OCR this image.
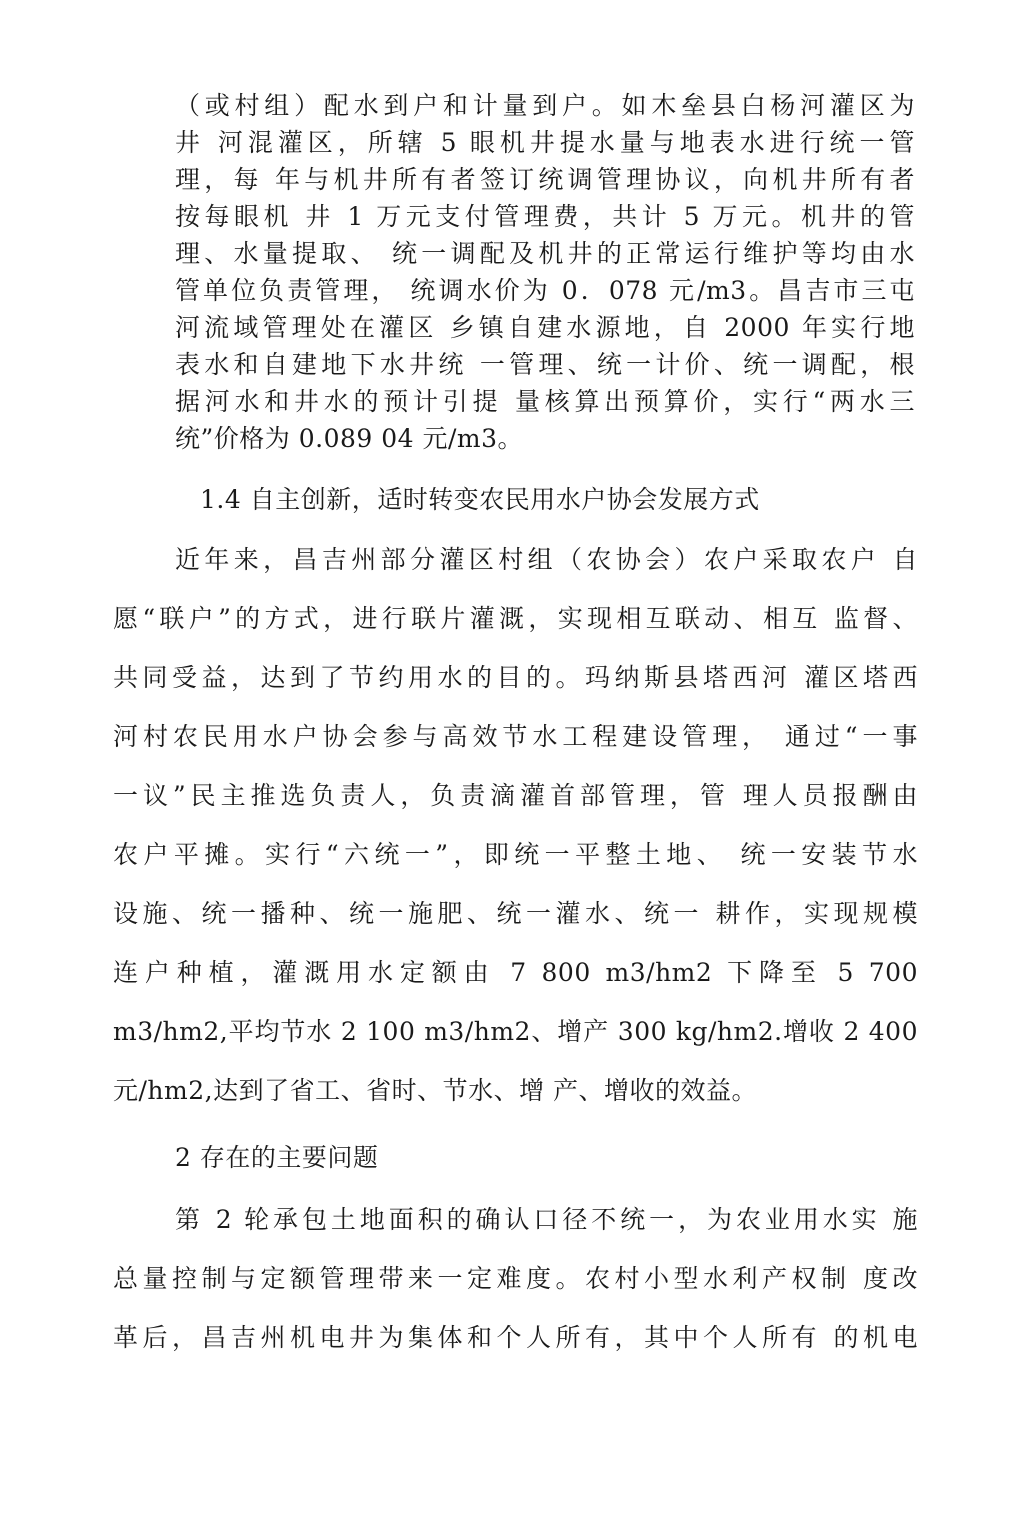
（或村组）配水到户和计量到户。如木垒县白杨河灌区为
井 河混灌区，所辖 5 眼机井提水量与地表水进行统一管
理，每 年与机井所有者签订统调管理协议，向机井所有者
按每眼机 井 1 万元支付管理费，共计 5 万元。机井的管
理、水量提取、 统一调配及机井的正常运行维护等均由水
管单位负责管理， 统调水价为 0．078 元/m3。昌吉市三屯
河流域管理处在灌区 乡镇自建水源地，自 2000 年实行地
表水和自建地下水井统 一管理、统一计价、统一调配，根
据河水和井水的预计引提 量核算出预算价，实行“两水三
统”价格为 0.089 04 元/m3。
1.4 自主创新，适时转变农民用水户协会发展方式
近年来，昌吉州部分灌区村组（农协会）农户采取农户 自
愿“联户”的方式，进行联片灌溉，实现相互联动、相互 监督、
共同受益，达到了节约用水的目的。玛纳斯县塔西河 灌区塔西
河村农民用水户协会参与高效节水工程建设管理， 通过“一事
一议”民主推选负责人，负责滴灌首部管理，管 理人员报酬由
农户平摊。实行“六统一”，即统一平整土地、 统一安装节水
设施、统一播种、统一施肥、统一灌水、统一 耕作，实现规模
连户种植，灌溉用水定额由 7 800 m3/hm2 下降至 5 700
m3/hm2,平均节水 2 100 m3/hm2、增产 300 kg/hm2.增收 2 400
元/hm2,达到了省工、省时、节水、增 产、增收的效益。
2 存在的主要问题
第 2 轮承包土地面积的确认口径不统一，为农业用水实 施
总量控制与定额管理带来一定难度。农村小型水利产权制 度改
革后，昌吉州机电井为集体和个人所有，其中个人所有 的机电
